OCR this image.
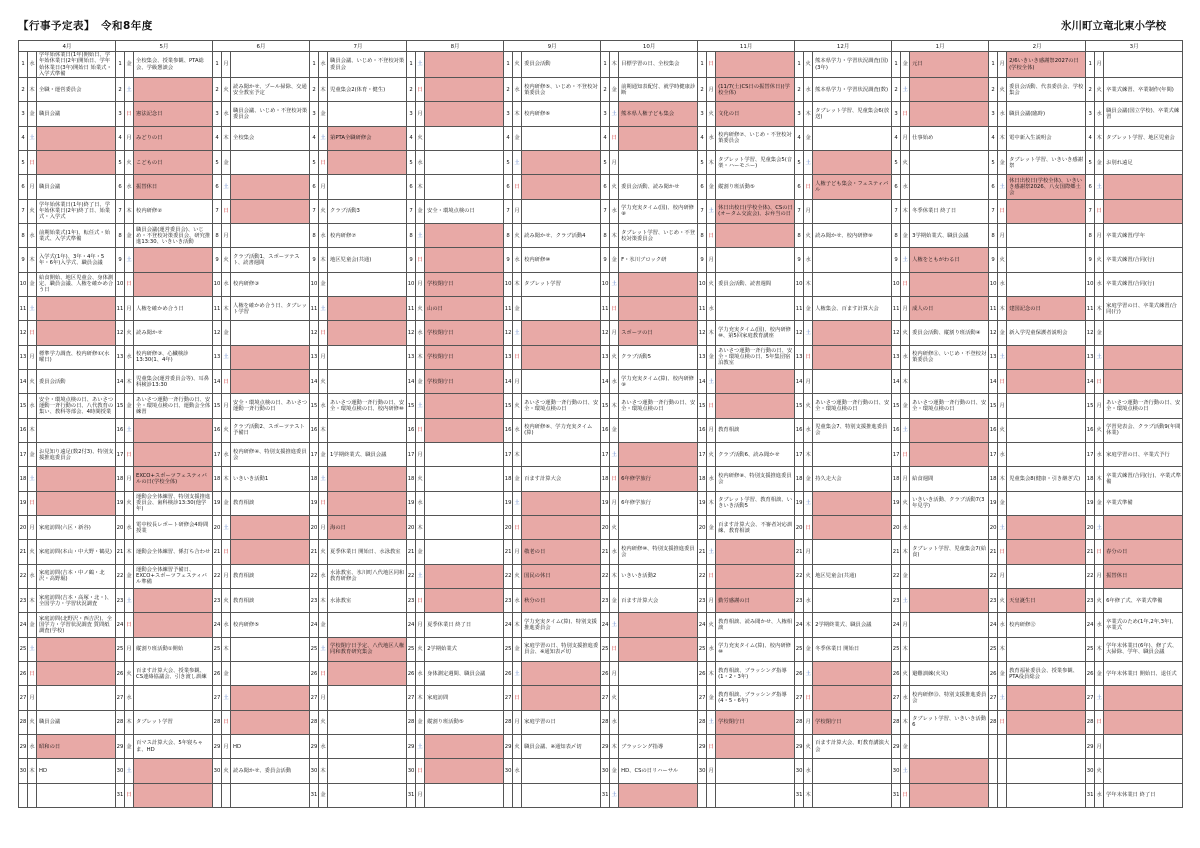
【行事予定表】 令和8年度	氷川町立竜北東小学校
4月			5月			6月			7月			8月			9月			10月			11月			12月			1月			2月			3月		
1	水	学年始休業日(1年)開始日、学年始休業日(2年)開始日、学年始休業日(3年)開始日 始業式・入学式準備	1	金	全校集会、授業参観、PTA総会、学級懇談会	1	月		1	水	職員会議、いじめ・不登校対策委員会	1	土		1	火	委員会活動	1	木	目標学習の日、全校集会	1	日		1	火	熊本県学力・学習状況調査(国)(3年)	1	金	元日	1	月	2/6いきいき感謝祭2027の日(学校全体)	1	月	
2	木	全職・運営委員会	2	土		2	火	読み聞かせ、プール掃除、交通安全教室予定	2	木	児童集会2(体育・健生)	2	日		2	水	校内研修⑤、いじめ・不登校対策委員会	2	金	前期通知表配付、就学時健康診断	2	月	(11/7(土)CS日の振替休日)(学校全体)	2	水	熊本県学力・学習状況調査(数)	2	土		2	火	委員会活動、代表委員会、学校集会	2	火	卒業式練習、卒業制作(年間)
3	金	職員会議	3	日	憲法記念日	3	水	職員会議、いじめ・不登校対策委員会	3	金		3	月		3	木	校内研修⑥	3	土	熊本県人権子ども集会	3	火	文化の日	3	木	タブレット学習、児童集会6(放送)	3	日		3	水	職員会議(臨時)	3	水	職員会議(国立学校)、卒業式練習
4	土		4	月	みどりの日	4	木	全校集会	4	土	第PTA全職研修会	4	火		4	金		4	日		4	水	校内研修⑦、いじめ・不登校対策委員会	4	金		4	月	仕事始め	4	木	電中新入生説明会	4	木	タブレット学習、地区児童会
5	日		5	火	こどもの日	5	金		5	日		5	水		5	土		5	月		5	木	タブレット学習、児童集会5(音楽・ハーモニー)	5	土		5	火		5	金	タブレット学習、いきいき感謝祭	5	金	お別れ遠足
6	月	職員会議	6	水	振替休日	6	土		6	月		6	木		6	日		6	火	委員会活動、読み聞かせ	6	金	縦割り班活動⑤	6	日	人権子ども集会・フェスティバル	6	水		6	土	休日出校日(学校全体)、いきいき感謝祭2026、八女国際郷土会	6	土	
7	火	学年始休業日(1年)終了日、学年始休業日(2年)終了日、始業式・入学式	7	木	校内研修②	7	日		7	火	クラブ活動3	7	金	安全・環境点検の日	7	月		7	水	学力充実タイム(国)、校内研修⑧	7	土	休日出校日(学校全体)、CSの日(オータム交流会)、お弁当の日	7	月		7	木	冬季休業日 終了日	7	日		7	日	
8	水	前期始業式(1年)、転任式・始業式、入学式準備	8	金	職員会議(運営委員会)、いじめ・不登校対策委員会、研究推進13:30、いきいき活動	8	月		8	水	校内研修⑦	8	土		8	火	読み聞かせ、クラブ活動4	8	木	タブレット学習、いじめ・不登校対策委員会	8	日		8	火	読み聞かせ、校内研修⑨	8	金	3学期始業式、職員会議	8	月		8	月	卒業式練習/学年
9	木	入学式(1年)、3年・4年・5年・6年)入学式、職員会議	9	土		9	火	クラブ活動1、スポーツテスト、読書週間	9	木	地区児童会(共通)	9	日		9	水	校内研修⑩	9	金	F・氷川ブロック研	9	月		9	水		9	土	人権をともがわる日	9	火		9	火	卒業式練習/合同(行)
10	金	給食開始、地区児童会、身体測定、職員会議、人権を確かめ合う日	10	日		10	水	校内研修③	10	金		10	月	学校閉庁日	10	木	タブレット学習	10	土		10	火	委員会活動、読書週間	10	木		10	日		10	水		10	水	卒業式練習/合同(行)
11	土		11	月	人権を確かめ合う日	11	木	人権を確かめ合う日、タブレット学習	11	土		11	火	山の日	11	金		11	日		11	水		11	金	人権集会、百ます計算大会	11	月	成人の日	11	木	建国記念の日	11	木	家庭学習の日、卒業式練習/合同(行)
12	日		12	火	読み聞かせ	12	金		12	日		12	水	学校閉庁日	12	土		12	月	スポーツの日	12	木	学力充実タイム(国)、校内研修⑩、第5回家庭教育講座	12	土		12	火	委員会活動、縦割り班活動④	12	金	新入学児童保護者説明会	12	金	
13	月	標準学力調査、校内研修①(水曜日)	13	水	校内研修③、心臓検診13:30(1、4年)	13	土		13	月		13	木	学校閉庁日	13	日		13	火	クラブ活動5	13	金	あいさつ運動一斉行動の日、安全・環境点検の日、5年集団宿泊教室	13	日		13	水	校内研修⑪、いじめ・不登校対策委員会	13	土		13	土	
14	火	委員会活動	14	木	児童集会(運営委員会等)、耳鼻科検診13:30	14	日		14	火		14	金	学校閉庁日	14	月		14	水	学力充実タイム(算)、校内研修⑨	14	土		14	月		14	木		14	日		14	日	
15	水	安全・環境点検の日、あいさつ運動一斉行動の日、八代教育の集い、教科等部会、4時間授業	15	金	あいさつ運動一斉行動の日、安全・環境点検の日、運動会全体練習	15	月	安全・環境点検の日、あいさつ運動一斉行動の日	15	水	あいさつ運動一斉行動の日、安全・環境点検の日、校内研修⑩	15	土		15	火	あいさつ運動一斉行動の日、安全・環境点検の日	15	木	あいさつ運動一斉行動の日、安全・環境点検の日	15	日		15	火	あいさつ運動一斉行動の日、安全・環境点検の日	15	金	あいさつ運動一斉行動の日、安全・環境点検の日	15	月		15	月	あいさつ運動一斉行動の日、安全・環境点検の日
16	木		16	土		16	火	クラブ活動2、スポーツテスト予備日	16	木		16	日		16	水	校内研修⑥、学力充実タイム(算)	16	金		16	月	教育相談	16	水	児童集会7、特別支援推進委員会	16	土		16	火		16	火	学習発表会、クラブ活動9(年間休業)
17	金	お見知り遠足(数2付3)、特別支援推進委員会	17	日		17	水	校内研修④、特別支援推進委員会	17	金	1学期終業式、職員会議	17	月		17	木		17	土		17	火	クラブ活動6、読み聞かせ	17	木		17	日		17	水		17	水	家庭学習の日、卒業式予行
18	土		18	月	EXCO+スポーツフェスティバルの日(学校全体)	18	木	いきいき活動1	18	土		18	火		18	金	百ます計算大会	18	日	6年修学旅行	18	水	校内研修⑧、特別支援推進委員会	18	金	持久走大会	18	月	給食週間	18	木	児童集会8(健康・引き継ぎ式)	18	木	卒業式練習/合同(行)、卒業式準備
19	日		19	火	運動会全体練習、特別支援推進委員会、歯科検診13:30(他学年)	19	金	教育相談	19	日		19	水		19	土		19	月	6年修学旅行	19	木	タブレット学習、教育相談、いきいき活動5	19	土		19	火	いきいき活動、クラブ活動7(3年見学)	19	金		19	金	卒業式準備
20	月	家庭訪問(六区・新谷)	20	水	電中校長レポート研修会4時間授業	20	土		20	月	海の日	20	木		20	日		20	火		20	金	百ます計算大会、不審者対応訓練、教育相談	20	日		20	水		20	土		20	土	
21	火	家庭訪問(本山・中大野・鶴見)	21	木	運動会全体練習、係打ち合わせ	21	日		21	火	夏季休業日 開始日、水泳教室	21	金		21	月	敬老の日	21	水	校内研修⑩、特別支援推進委員会	21	土		21	月		21	木	タブレット学習、児童集会7(給食)	21	日		21	日	春分の日
22	水	家庭訪問(吉本・中ノ鶴・北沢・高野堀)	22	金	運動会全体練習予備日、EXCO+スポーツフェスティバル準備	22	月	教育相談	22	水	水泳教室、氷川町八代地区同和教育研修会	22	土		22	火	国民の休日	22	木	いきいき活動2	22	日		22	火	地区児童会(共通)	22	金		22	月		22	月	振替休日
23	木	家庭訪問(吉本・高塚・北・)、全国学力・学習状況調査	23	土		23	火	教育相談	23	木	水泳教室	23	日		23	水	秋分の日	23	金	百ます計算大会	23	月	勤労感謝の日	23	水		23	土		23	火	天皇誕生日	23	火	6年修了式、卒業式準備
24	金	家庭訪問(北野沢・西吉沢)、全国学力・学習状況調査 質問紙調査(学校)	24	日		24	水	校内研修⑤	24	金		24	月	夏季休業日 終了日	24	木	学力充実タイム(算)、特別支援推進委員会	24	土		24	火	教育相談、読み聞かせ、人権相談	24	木	2学期終業式、職員会議	24	月		24	水	校内研修⑫	24	水	卒業式のため(1年,2年,3年)、卒業式
25	土		25	月	縦割り班活動①開始	25	木		25	土	学校閉庁日予定、八代地区人権同和教育研究集会	25	火	2学期始業式	25	金	家庭学習の日、特別支援推進委員会、※通知表〆切	25	日		25	水	学力充実タイム(算)、校内研修⑩	25	金	冬季休業日 開始日	25	木		25	木		25	木	学年末休業日(6年)、修了式、大掃除、学年、職員会議
26	日		26	火	百ます計算大会、授業参観、CS連絡協議会、引き渡し訓練	26	金		26	日		26	水	身体測定週間、職員会議	26	土		26	月		26	木	教育相談、ブラッシング指導(1・2・3年)	26	土		26	火	避難訓練(火災)	26	金	教育福祉委員会、授業参観、PTA役員総会	26	金	学年末休業日 開始日、退任式
27	月		27	水		27	土		27	月		27	木	家庭訪問	27	日		27	火		27	金	教育相談、ブラッシング指導(4・5・6年)	27	日		27	水	校内研修⑬、特別支援推進委員会	27	土		27	土	
28	火	職員会議	28	木	タブレット学習	28	日		28	火		28	金	縦割り班活動⑤	28	月	家庭学習の日	28	水		28	土	学校閉庁日	28	月	学校閉庁日	28	木	タブレット学習、いきいき活動6	28	日		28	日	
29	水	昭和の日	29	金	百マス計算大会、5年寝ちゃま、HD	29	月	HD	29	水		29	土		29	火	職員会議、※通知表〆切	29	木	ブラッシング指導	29	日		29	火	百ます計算大会、町教育講演大会	29	金					29	月	
30	木	HD	30	土		30	火	読み聞かせ、委員会活動	30	木		30	日		30	水		30	金	HD、CSの日リハーサル	30	月		30	水		30	土					30	火	
			31	日					31	金		31	月					31	土					31	木		31	日					31	水	学年末休業日 終了日
